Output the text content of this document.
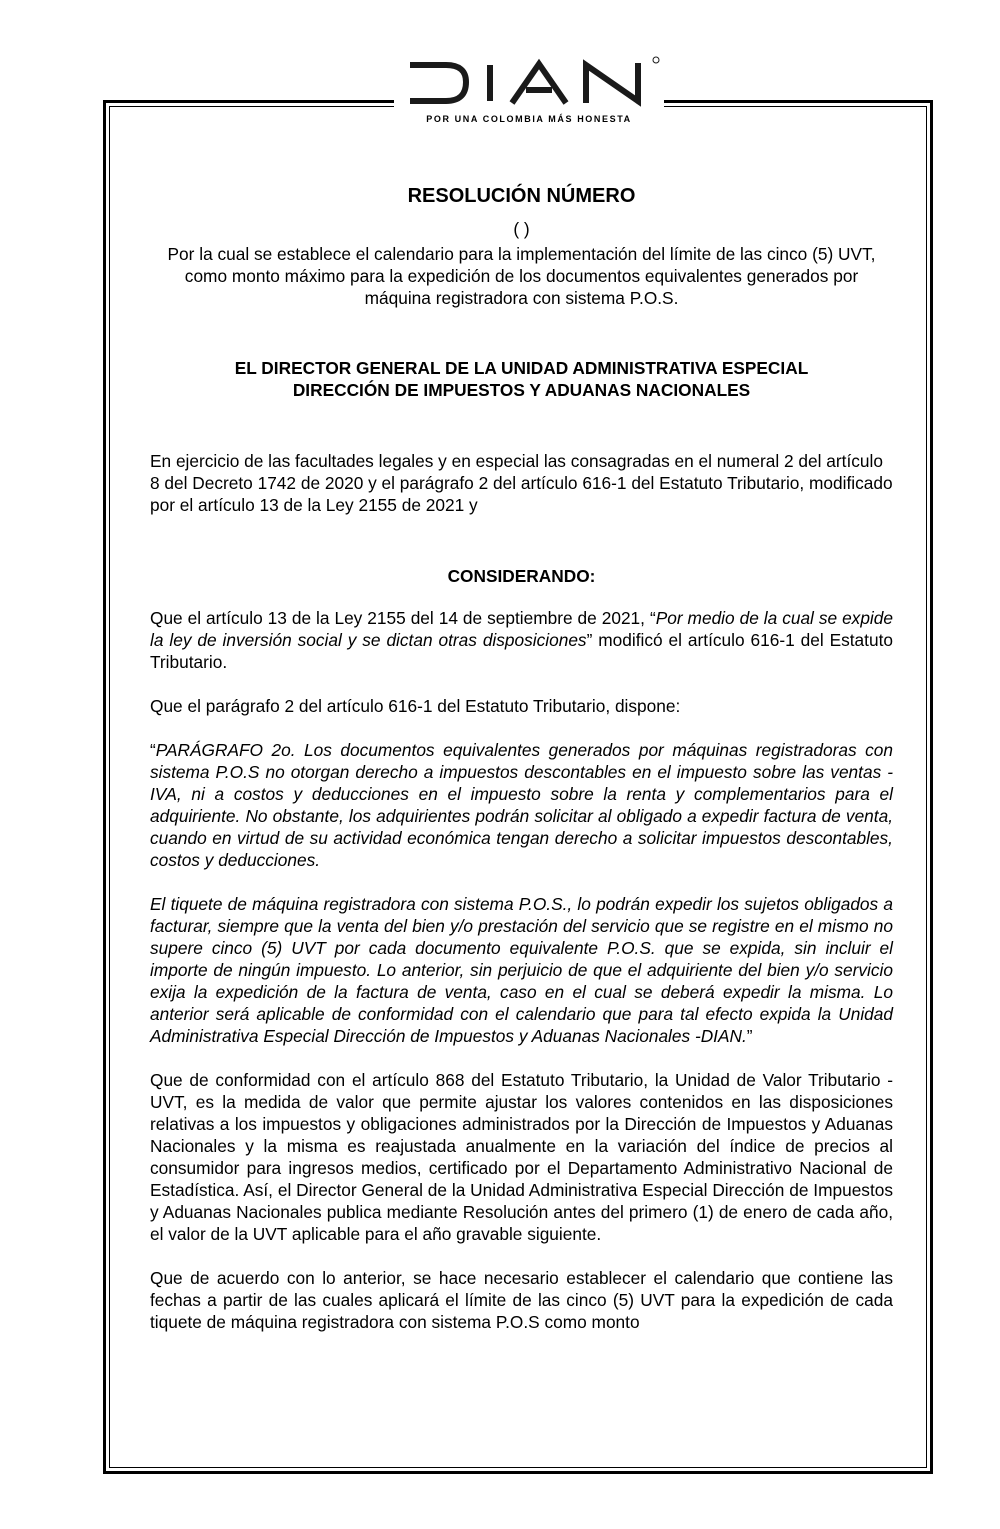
POR UNA COLOMBIA MÁS HONESTA
RESOLUCIÓN NÚMERO
( )
Por la cual se establece el calendario para la implementación del límite de las cinco (5) UVT, como monto máximo para la expedición de los documentos equivalentes generados por máquina registradora con sistema P.O.S.
EL DIRECTOR GENERAL DE LA UNIDAD ADMINISTRATIVA ESPECIAL
DIRECCIÓN DE IMPUESTOS Y ADUANAS NACIONALES
En ejercicio de las facultades legales y en especial las consagradas en el numeral 2 del artículo 8 del Decreto 1742 de 2020 y el parágrafo 2 del artículo 616-1 del Estatuto Tributario, modificado por el artículo 13 de la Ley 2155 de 2021 y
CONSIDERANDO:
Que el artículo 13 de la Ley 2155 del 14 de septiembre de 2021, “Por medio de la cual se expide la ley de inversión social y se dictan otras disposiciones” modificó el artículo 616-1 del Estatuto Tributario.
Que el parágrafo 2 del artículo 616-1 del Estatuto Tributario, dispone:
“PARÁGRAFO 2o. Los documentos equivalentes generados por máquinas registradoras con sistema P.O.S no otorgan derecho a impuestos descontables en el impuesto sobre las ventas - IVA, ni a costos y deducciones en el impuesto sobre la renta y complementarios para el adquiriente. No obstante, los adquirientes podrán solicitar al obligado a expedir factura de venta, cuando en virtud de su actividad económica tengan derecho a solicitar impuestos descontables, costos y deducciones.
El tiquete de máquina registradora con sistema P.O.S., lo podrán expedir los sujetos obligados a facturar, siempre que la venta del bien y/o prestación del servicio que se registre en el mismo no supere cinco (5) UVT por cada documento equivalente P.O.S. que se expida, sin incluir el importe de ningún impuesto. Lo anterior, sin perjuicio de que el adquiriente del bien y/o servicio exija la expedición de la factura de venta, caso en el cual se deberá expedir la misma. Lo anterior será aplicable de conformidad con el calendario que para tal efecto expida la Unidad Administrativa Especial Dirección de Impuestos y Aduanas Nacionales -DIAN.”
Que de conformidad con el artículo 868 del Estatuto Tributario, la Unidad de Valor Tributario -UVT, es la medida de valor que permite ajustar los valores contenidos en las disposiciones relativas a los impuestos y obligaciones administrados por la Dirección de Impuestos y Aduanas Nacionales y la misma es reajustada anualmente en la variación del índice de precios al consumidor para ingresos medios, certificado por el Departamento Administrativo Nacional de Estadística. Así, el Director General de la Unidad Administrativa Especial Dirección de Impuestos y Aduanas Nacionales publica mediante Resolución antes del primero (1) de enero de cada año, el valor de la UVT aplicable para el año gravable siguiente.
Que de acuerdo con lo anterior, se hace necesario establecer el calendario que contiene las fechas a partir de las cuales aplicará el límite de las cinco (5) UVT para la expedición de cada tiquete de máquina registradora con sistema P.O.S como monto
